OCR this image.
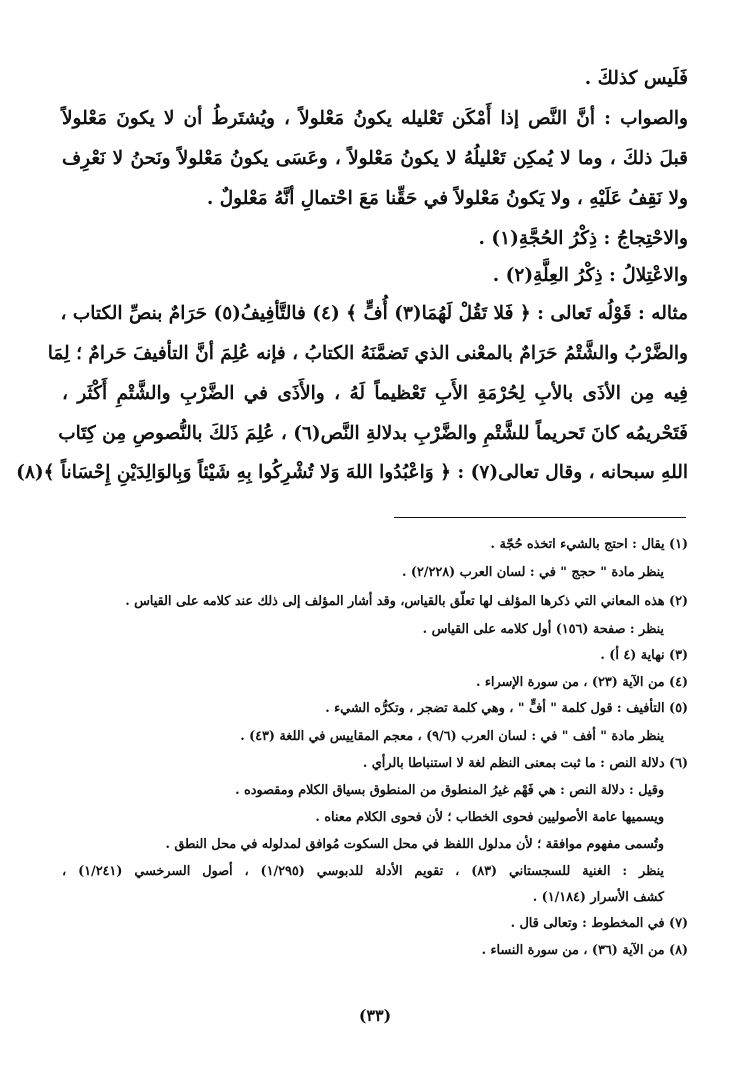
فَلَيس كذلكَ .
والصواب : أنَّ النَّص إذا أَمْكَن تَعْليله يكونُ مَعْلولاً ، ويُشتَرطُ أن لا يكونَ مَعْلولاً
قبلَ ذلكَ ، وما لا يُمكِن تَعْليلُهُ لا يكونُ مَعْلولاً ، وعَسَى يكونُ مَعْلولاً ونَحنُ لا نَعْرِف
ولا نَقِفُ عَلَيْهِ ، ولا يَكونُ مَعْلولاً في حَقِّنا مَعَ احْتمالِ أنَّهُ مَعْلولٌ .
والاحْتِجاجُ : ذِكْرُ الحُجَّةِ(١) .
والاعْتِلالُ : ذِكْرُ العِلَّةِ(٢) .
مثاله : قَوْلُه تَعالى : ﴿ فَلا تَقُلْ لَهُمَا(٣) أُفٍّ ﴾ (٤) فالتَّأفِيفُ(٥) حَرَامٌ بنصِّ الكتاب ،
والضَّرْبُ والشَّتْمُ حَرَامٌ بالمعْنى الذي تَضمَّنَهُ الكتابُ ، فإنه عُلِمَ أنَّ التأفيفَ حَرامٌ ؛ لِمَا
فِيه مِن الأذَى بالأبِ لِحُرْمَةِ الأَبِ تَعْظيماً لَهُ ، والأَذَى في الضَّرْبِ والشَّتْمِ أَكْثَر ،
فَتَحْريمُه كانَ تَحريماً للشَّتْمِ والضَّرْبِ بدلالةِ النَّص(٦) ، عُلِمَ ذَلكَ بالنُّصوصِ مِن كِتَاب
اللهِ سبحانه ، وقال تعالى(٧) : ﴿ وَاعْبُدُوا اللهَ وَلا تُشْرِكُوا بِهِ شَيْئاً وَبِالوَالِدَيْنِ إِحْسَاناً ﴾(٨)
(١) يقال : احتج بالشيء اتخذه حُجّة .
ينظر مادة " حجج " في : لسان العرب (٢/٢٢٨) .
(٢) هذه المعاني التي ذكرها المؤلف لها تعلّق بالقياس، وقد أشار المؤلف إلى ذلك عند كلامه على القياس .
ينظر : صفحة (١٥٦) أول كلامه على القياس .
(٣) نهاية (٤ أ) .
(٤) من الآية (٢٣) ، من سورة الإسراء .
(٥) التأفيف : قول كلمة " أفٍّ " ، وهي كلمة تضجر ، وتكرُّه الشيء .
ينظر مادة " أفف " في : لسان العرب (٩/٦) ، معجم المقاييس في اللغة (٤٣) .
(٦) دلالة النص : ما ثبت بمعنى النظم لغة لا استنباطا بالرأي .
وقيل : دلالة النص : هي فَهْم غيرُ المنطوق من المنطوق بسياق الكلام ومقصوده .
ويسميها عامة الأصوليين فحوى الخطاب ؛ لأن فحوى الكلام معناه .
وتُسمى مفهوم موافقة ؛ لأن مدلول اللفظ في محل السكوت مُوافق لمدلوله في محل النطق .
ينظر : الغنية للسجستاني (٨٣) ، تقويم الأدلة للدبوسي (١/٢٩٥) ، أصول السرخسي (١/٢٤١) ،
كشف الأسرار (١/١٨٤) .
(٧) في المخطوط : وتعالى قال .
(٨) من الآية (٣٦) ، من سورة النساء .
(٣٣)
